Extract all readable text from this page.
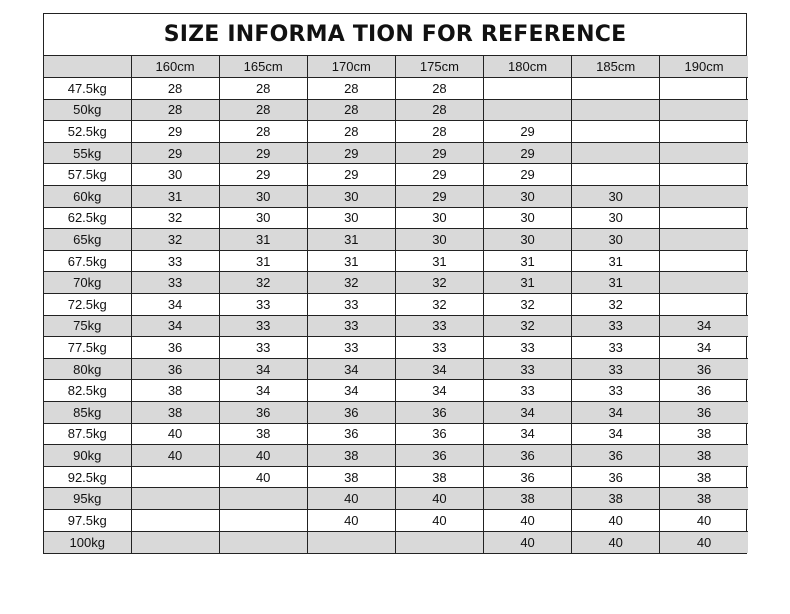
SIZE INFORMA TION FOR REFERENCE
	160cm	165cm	170cm	175cm	180cm	185cm	190cm
47.5kg	28	28	28	28			
50kg	28	28	28	28			
52.5kg	29	28	28	28	29		
55kg	29	29	29	29	29		
57.5kg	30	29	29	29	29		
60kg	31	30	30	29	30	30	
62.5kg	32	30	30	30	30	30	
65kg	32	31	31	30	30	30	
67.5kg	33	31	31	31	31	31	
70kg	33	32	32	32	31	31	
72.5kg	34	33	33	32	32	32	
75kg	34	33	33	33	32	33	34
77.5kg	36	33	33	33	33	33	34
80kg	36	34	34	34	33	33	36
82.5kg	38	34	34	34	33	33	36
85kg	38	36	36	36	34	34	36
87.5kg	40	38	36	36	34	34	38
90kg	40	40	38	36	36	36	38
92.5kg		40	38	38	36	36	38
95kg			40	40	38	38	38
97.5kg			40	40	40	40	40
100kg					40	40	40
